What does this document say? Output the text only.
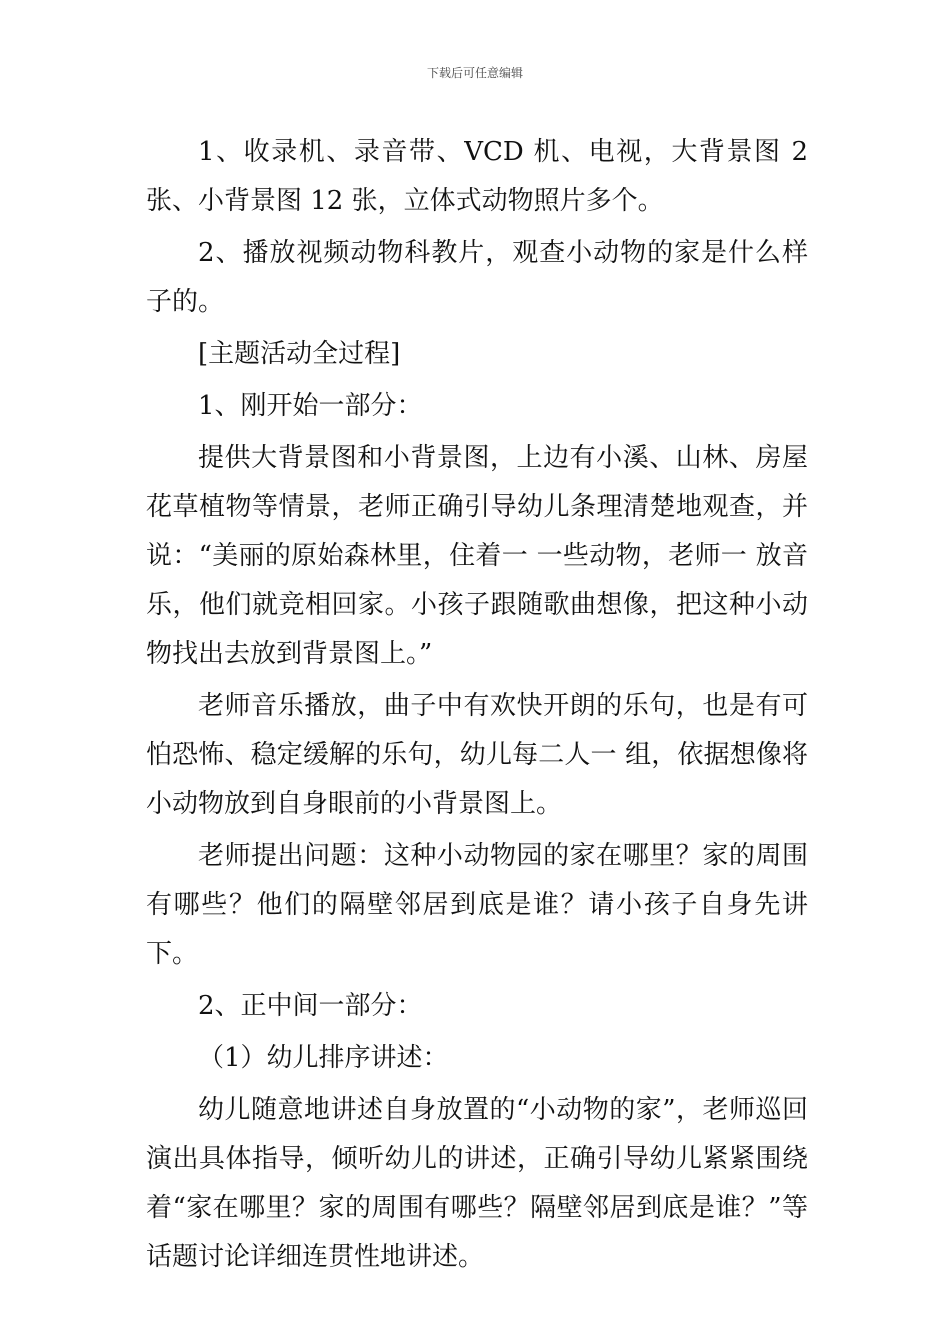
下载后可任意编辑

1、收录机、录音带、VCD 机、电视，大背景图 2 张、小背景图 12 张，立体式动物照片多个。

2、播放视频动物科教片，观查小动物的家是什么样子的。

[主题活动全过程]

1、刚开始一部分：

提供大背景图和小背景图，上边有小溪、山林、房屋花草植物等情景，老师正确引导幼儿条理清楚地观查，并说：“美丽的原始森林里，住着一 一些动物，老师一 放音乐，他们就竞相回家。小孩子跟随歌曲想像，把这种小动物找出去放到背景图上。”

老师音乐播放，曲子中有欢快开朗的乐句，也是有可怕恐怖、稳定缓解的乐句，幼儿每二人一 组，依据想像将小动物放到自身眼前的小背景图上。

老师提出问题：这种小动物园的家在哪里？家的周围有哪些？他们的隔壁邻居到底是谁？请小孩子自身先讲下。

2、正中间一部分：

（1）幼儿排序讲述：

幼儿随意地讲述自身放置的“小动物的家”，老师巡回演出具体指导，倾听幼儿的讲述，正确引导幼儿紧紧围绕着“家在哪里？家的周围有哪些？隔壁邻居到底是谁？”等话题讨论详细连贯性地讲述。
